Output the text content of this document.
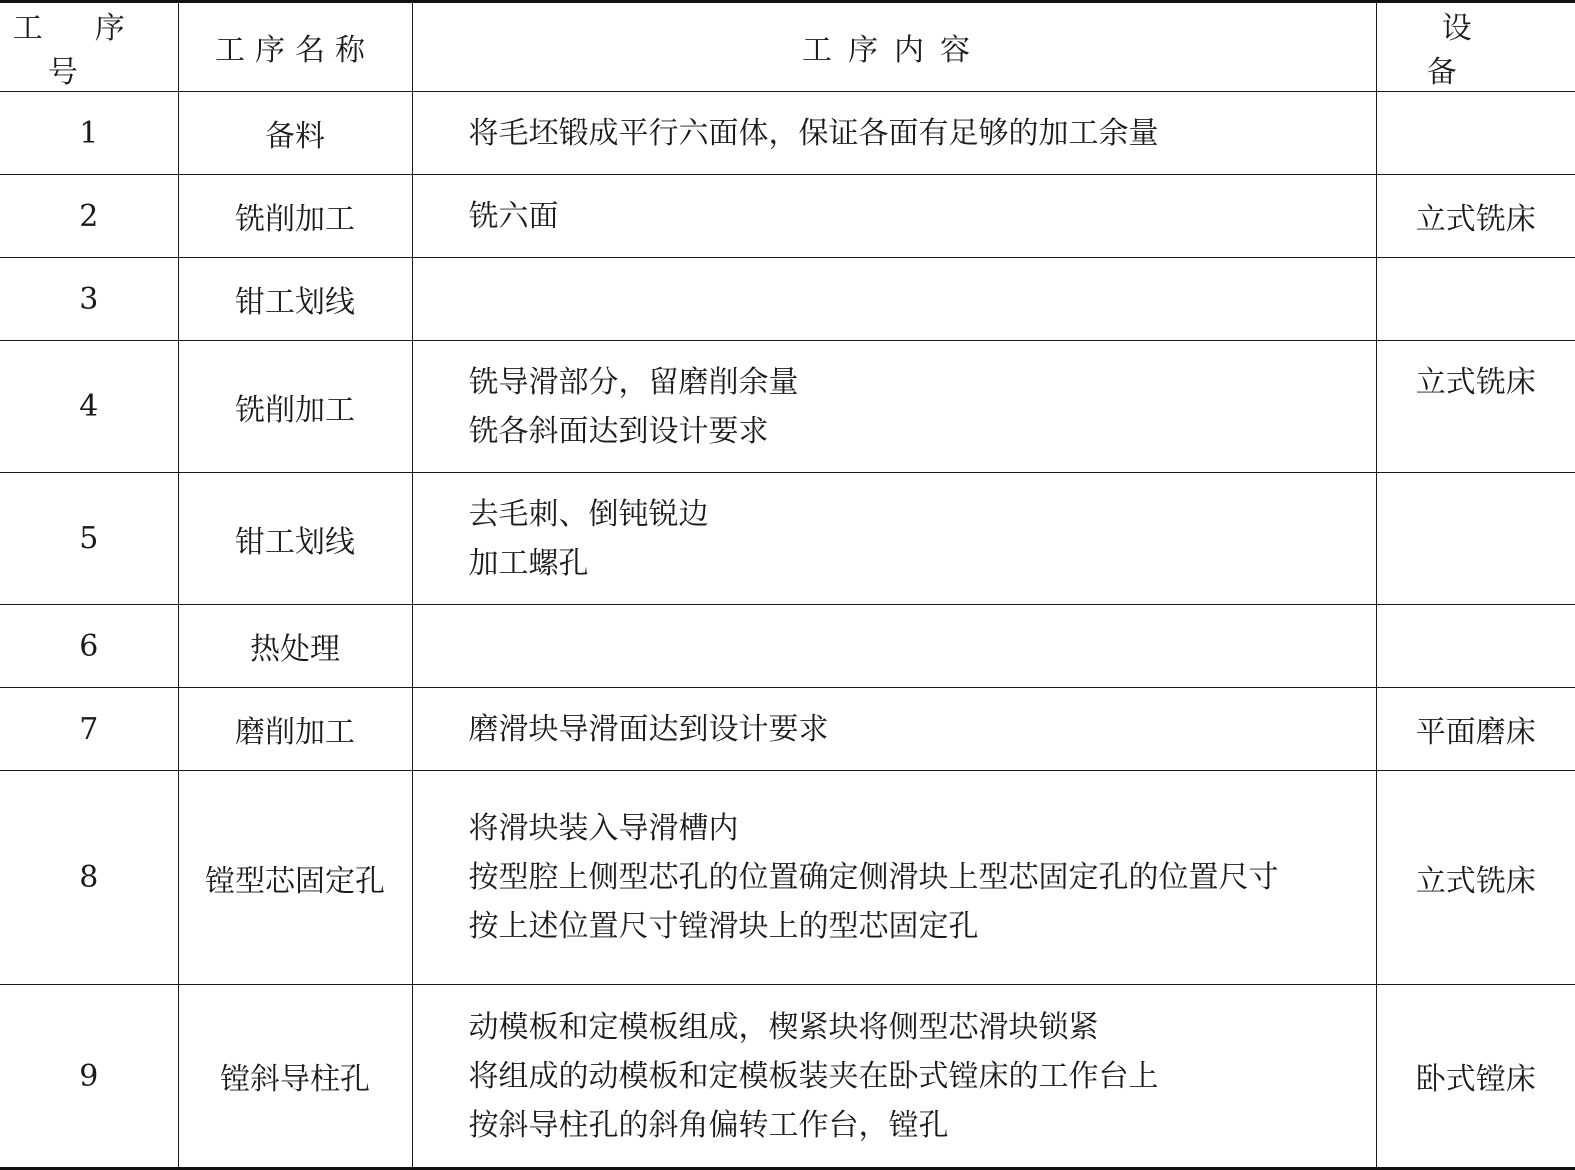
工序号	工序名称	工序内容	设备
1	备料	将毛坯锻成平行六面体，保证各面有足够的加工余量	

2	铣削加工	铣六面	立式铣床
3	钳工划线		
4	铣削加工	铣导滑部分，留磨削余量
铣各斜面达到设计要求	立式铣床
5	钳工划线	去毛刺、倒钝锐边
加工螺孔	

6	热处理		
7	磨削加工	磨滑块导滑面达到设计要求	平面磨床
8	镗型芯固定孔	将滑块装入导滑槽内
按型腔上侧型芯孔的位置确定侧滑块上型芯固定孔的位置尺寸
按上述位置尺寸镗滑块上的型芯固定孔	立式铣床
9	镗斜导柱孔	动模板和定模板组成，楔紧块将侧型芯滑块锁紧
将组成的动模板和定模板装夹在卧式镗床的工作台上
按斜导柱孔的斜角偏转工作台，镗孔	卧式镗床
